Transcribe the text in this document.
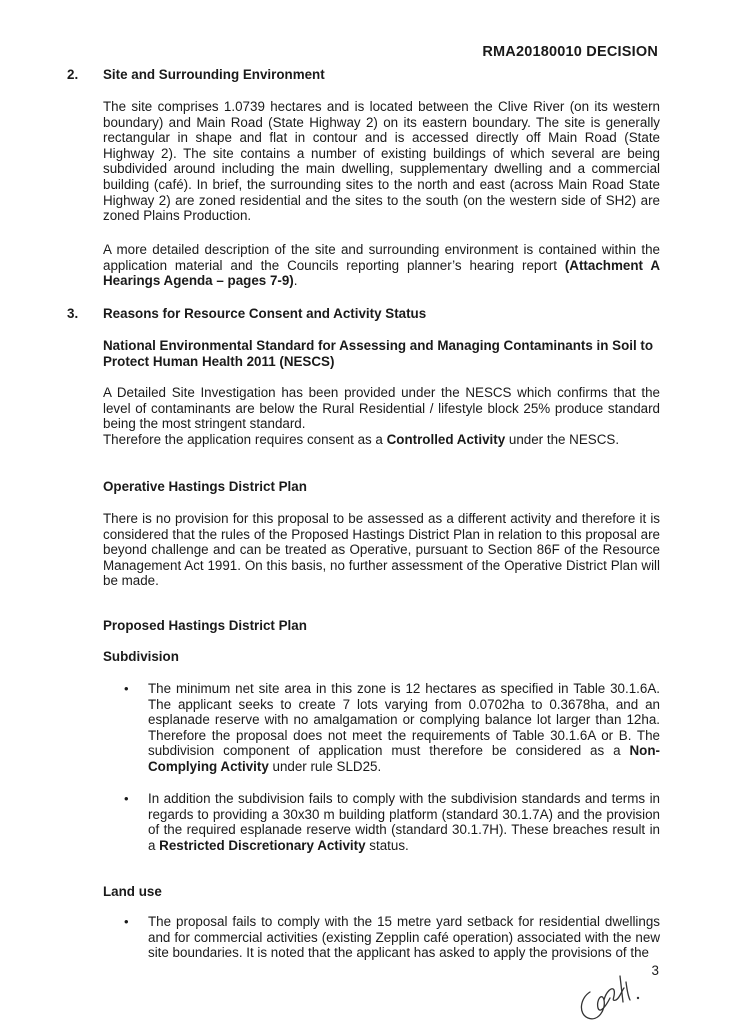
RMA20180010 DECISION
2. Site and Surrounding Environment
The site comprises 1.0739 hectares and is located between the Clive River (on its western boundary) and Main Road (State Highway 2) on its eastern boundary. The site is generally rectangular in shape and flat in contour and is accessed directly off Main Road (State Highway 2). The site contains a number of existing buildings of which several are being subdivided around including the main dwelling, supplementary dwelling and a commercial building (café). In brief, the surrounding sites to the north and east (across Main Road State Highway 2) are zoned residential and the sites to the south (on the western side of SH2) are zoned Plains Production.
A more detailed description of the site and surrounding environment is contained within the application material and the Councils reporting planner’s hearing report (Attachment A Hearings Agenda – pages 7-9).
3. Reasons for Resource Consent and Activity Status
National Environmental Standard for Assessing and Managing Contaminants in Soil to Protect Human Health 2011 (NESCS)
A Detailed Site Investigation has been provided under the NESCS which confirms that the level of contaminants are below the Rural Residential / lifestyle block 25% produce standard being the most stringent standard.
Therefore the application requires consent as a Controlled Activity under the NESCS.
Operative Hastings District Plan
There is no provision for this proposal to be assessed as a different activity and therefore it is considered that the rules of the Proposed Hastings District Plan in relation to this proposal are beyond challenge and can be treated as Operative, pursuant to Section 86F of the Resource Management Act 1991. On this basis, no further assessment of the Operative District Plan will be made.
Proposed Hastings District Plan
Subdivision
• The minimum net site area in this zone is 12 hectares as specified in Table 30.1.6A. The applicant seeks to create 7 lots varying from 0.0702ha to 0.3678ha, and an esplanade reserve with no amalgamation or complying balance lot larger than 12ha. Therefore the proposal does not meet the requirements of Table 30.1.6A or B. The subdivision component of application must therefore be considered as a Non-Complying Activity under rule SLD25.
• In addition the subdivision fails to comply with the subdivision standards and terms in regards to providing a 30x30 m building platform (standard 30.1.7A) and the provision of the required esplanade reserve width (standard 30.1.7H). These breaches result in a Restricted Discretionary Activity status.
Land use
• The proposal fails to comply with the 15 metre yard setback for residential dwellings and for commercial activities (existing Zepplin café operation) associated with the new site boundaries. It is noted that the applicant has asked to apply the provisions of the
3
